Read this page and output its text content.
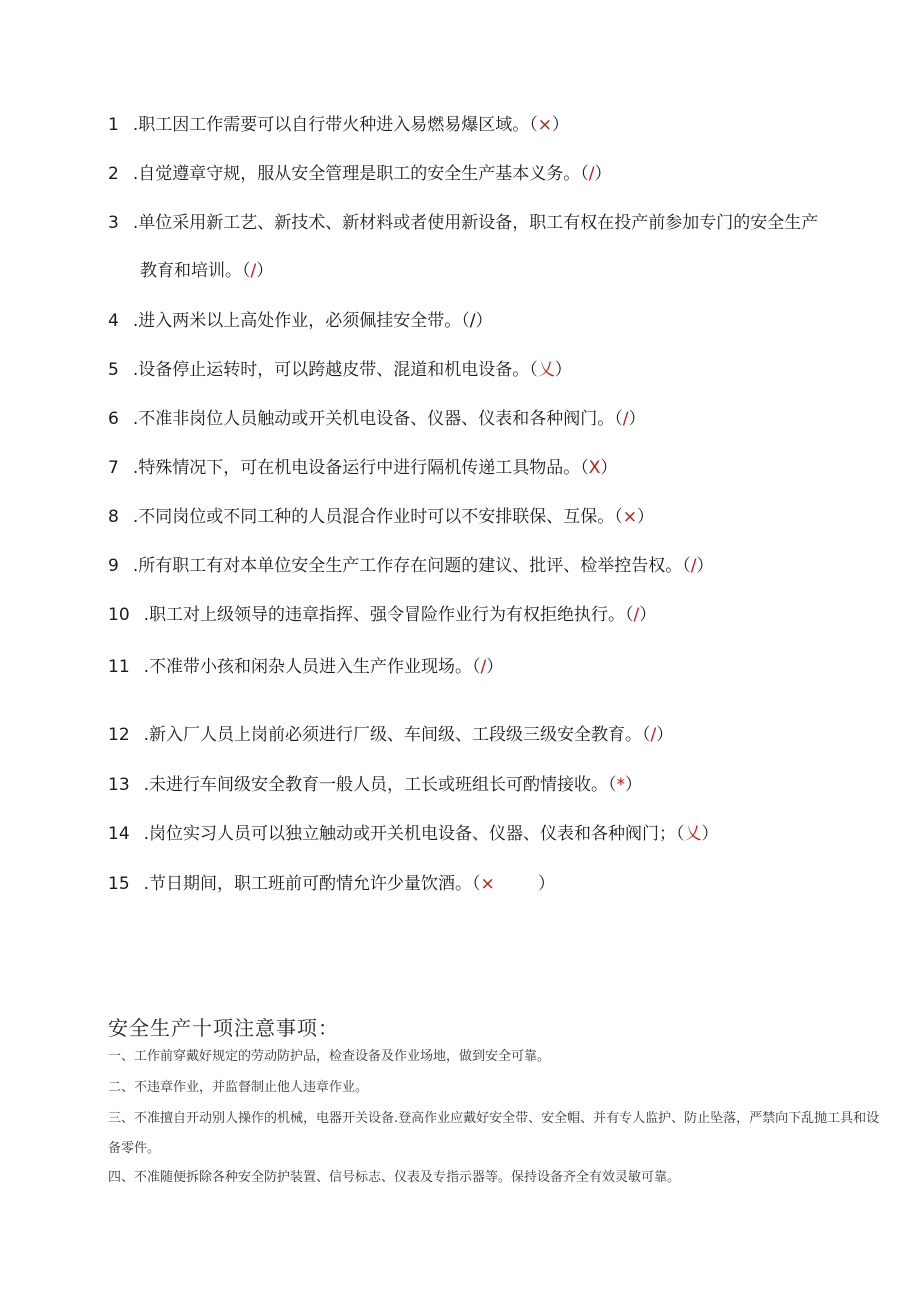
1 .职工因工作需要可以自行带火种进入易燃易爆区域。（×）
2 .自觉遵章守规，服从安全管理是职工的安全生产基本义务。（/）
3 .单位采用新工艺、新技术、新材料或者使用新设备，职工有权在投产前参加专门的安全生产
教育和培训。（/）
4 .进入两米以上高处作业，必须佩挂安全带。（/）
5 .设备停止运转时，可以跨越皮带、混道和机电设备。（乂）
6 .不准非岗位人员触动或开关机电设备、仪器、仪表和各种阀门。（/）
7 .特殊情况下，可在机电设备运行中进行隔机传递工具物品。（X）
8 .不同岗位或不同工种的人员混合作业时可以不安排联保、互保。（×）
9 .所有职工有对本单位安全生产工作存在问题的建议、批评、检举控告权。（/）
10 .职工对上级领导的违章指挥、强令冒险作业行为有权拒绝执行。（/）
11 .不准带小孩和闲杂人员进入生产作业现场。（/）
12 .新入厂人员上岗前必须进行厂级、车间级、工段级三级安全教育。（/）
13 .未进行车间级安全教育一般人员，工长或班组长可酌情接收。（*）
14 .岗位实习人员可以独立触动或开关机电设备、仪器、仪表和各种阀门；（乂）
15 .节日期间，职工班前可酌情允许少量饮酒。（×	）
安全生产十项注意事项：
一、工作前穿戴好规定的劳动防护品，检查设备及作业场地，做到安全可靠。
二、不违章作业，并监督制止他人违章作业。
三、不准擅自开动别人操作的机械，电器开关设备.登高作业应戴好安全带、安全帽、并有专人监护、防止坠落，严禁向下乱抛工具和设备零件。
四、不准随便拆除各种安全防护装置、信号标志、仪表及专指示器等。保持设备齐全有效灵敏可靠。
